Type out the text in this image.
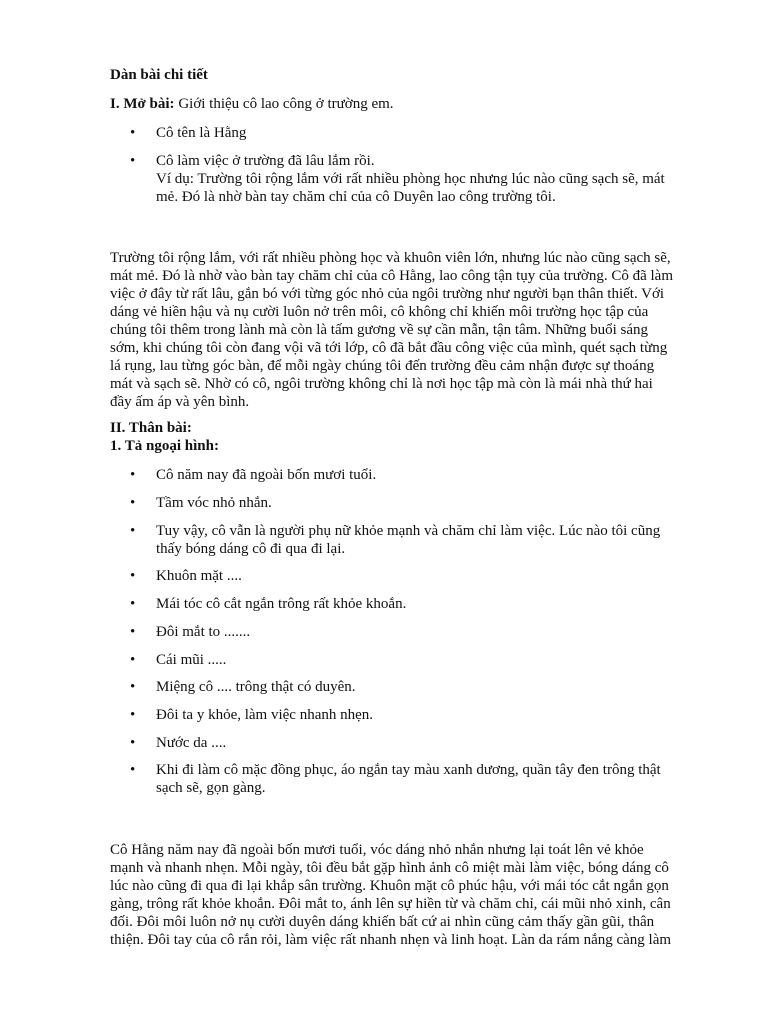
Dàn bài chi tiết

I. Mở bài: Giới thiệu cô lao công ở trường em.

• Cô tên là Hằng
• Cô làm việc ở trường đã lâu lắm rồi.
Ví dụ: Trường tôi rộng lắm với rất nhiều phòng học nhưng lúc nào cũng sạch sẽ, mát
mẻ. Đó là nhờ bàn tay chăm chỉ của cô Duyên lao công trường tôi.

Trường tôi rộng lắm, với rất nhiều phòng học và khuôn viên lớn, nhưng lúc nào cũng sạch sẽ,

mát mẻ. Đó là nhờ vào bàn tay chăm chỉ của cô Hằng, lao công tận tụy của trường. Cô đã làm

việc ở đây từ rất lâu, gắn bó với từng góc nhỏ của ngôi trường như người bạn thân thiết. Với

dáng vẻ hiền hậu và nụ cười luôn nở trên môi, cô không chỉ khiến môi trường học tập của

chúng tôi thêm trong lành mà còn là tấm gương về sự cần mẫn, tận tâm. Những buổi sáng

sớm, khi chúng tôi còn đang vội vã tới lớp, cô đã bắt đầu công việc của mình, quét sạch từng

lá rụng, lau từng góc bàn, để mỗi ngày chúng tôi đến trường đều cảm nhận được sự thoáng

mát và sạch sẽ. Nhờ có cô, ngôi trường không chỉ là nơi học tập mà còn là mái nhà thứ hai

đầy ấm áp và yên bình.

II. Thân bài:

1. Tả ngoại hình:

• Cô năm nay đã ngoài bốn mươi tuổi.
• Tầm vóc nhỏ nhắn.
• Tuy vậy, cô vẫn là người phụ nữ khỏe mạnh và chăm chỉ làm việc. Lúc nào tôi cũng
thấy bóng dáng cô đi qua đi lại.
• Khuôn mặt ....
• Mái tóc cô cắt ngắn trông rất khỏe khoắn.
• Đôi mắt to .......
• Cái mũi .....
• Miệng cô .... trông thật có duyên.
• Đôi ta y khỏe, làm việc nhanh nhẹn.
• Nước da ....
• Khi đi làm cô mặc đồng phục, áo ngắn tay màu xanh dương, quần tây đen trông thật
sạch sẽ, gọn gàng.

Cô Hằng năm nay đã ngoài bốn mươi tuổi, vóc dáng nhỏ nhắn nhưng lại toát lên vẻ khỏe

mạnh và nhanh nhẹn. Mỗi ngày, tôi đều bắt gặp hình ảnh cô miệt mài làm việc, bóng dáng cô

lúc nào cũng đi qua đi lại khắp sân trường. Khuôn mặt cô phúc hậu, với mái tóc cắt ngắn gọn

gàng, trông rất khỏe khoắn. Đôi mắt to, ánh lên sự hiền từ và chăm chỉ, cái mũi nhỏ xinh, cân

đối. Đôi môi luôn nở nụ cười duyên dáng khiến bất cứ ai nhìn cũng cảm thấy gần gũi, thân

thiện. Đôi tay của cô rắn rỏi, làm việc rất nhanh nhẹn và linh hoạt. Làn da rám nắng càng làm
